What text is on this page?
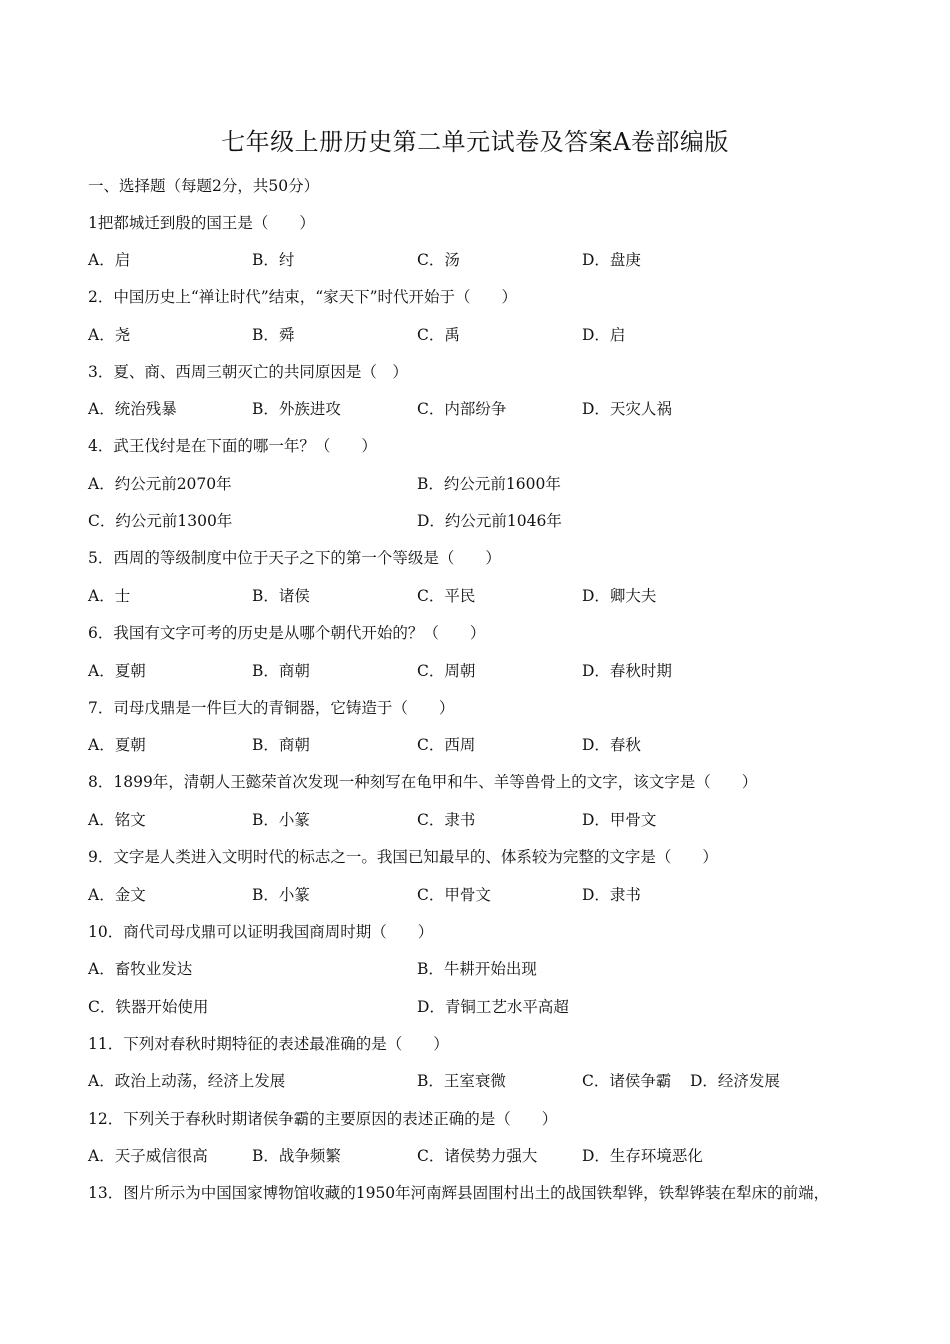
七年级上册历史第二单元试卷及答案A卷部编版
一、选择题（每题2分，共50分）
1把都城迁到殷的国王是（　　）
A．启	B．纣	C．汤	D．盘庚
2．中国历史上“禅让时代”结束，“家天下”时代开始于（　　）
A．尧	B．舜	C．禹	D．启
3．夏、商、西周三朝灭亡的共同原因是（　）
A．统治残暴	B．外族进攻	C．内部纷争	D．天灾人祸
4．武王伐纣是在下面的哪一年？（　　）
A．约公元前2070年	B．约公元前1600年
C．约公元前1300年	D．约公元前1046年
5．西周的等级制度中位于天子之下的第一个等级是（　　）
A．士	B．诸侯	C．平民	D．卿大夫
6．我国有文字可考的历史是从哪个朝代开始的？（　　）
A．夏朝	B．商朝	C．周朝	D．春秋时期
7．司母戊鼎是一件巨大的青铜器，它铸造于（　　）
A．夏朝	B．商朝	C．西周	D．春秋
8．1899年，清朝人王懿荣首次发现一种刻写在龟甲和牛、羊等兽骨上的文字，该文字是（　　）
A．铭文	B．小篆	C．隶书	D．甲骨文
9．文字是人类进入文明时代的标志之一。我国已知最早的、体系较为完整的文字是（　　）
A．金文	B．小篆	C．甲骨文	D．隶书
10．商代司母戊鼎可以证明我国商周时期（　　）
A．畜牧业发达	B．牛耕开始出现
C．铁器开始使用	D．青铜工艺水平高超
11．下列对春秋时期特征的表述最准确的是（　　）
A．政治上动荡，经济上发展	B．王室衰微	C．诸侯争霸 D．经济发展
12．下列关于春秋时期诸侯争霸的主要原因的表述正确的是（　　）
A．天子威信很高	B．战争频繁	C．诸侯势力强大	D．生存环境恶化
13．图片所示为中国国家博物馆收藏的1950年河南辉县固围村出土的战国铁犁铧，铁犁铧装在犁床的前端，
